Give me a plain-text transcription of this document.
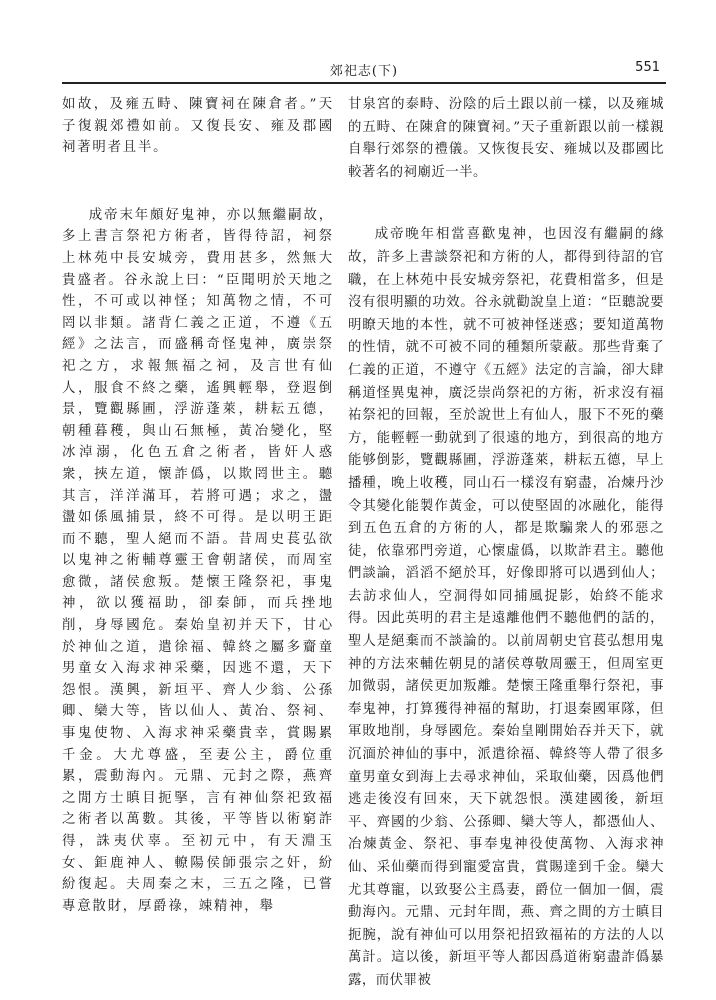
郊祀志(下)	551

如故，及雍五畤、陳寶祠在陳倉者。”天子復親郊禮如前。又復長安、雍及郡國祠著明者且半。

成帝末年頗好鬼神，亦以無繼嗣故，多上書言祭祀方術者，皆得待詔，祠祭上林苑中長安城旁，費用甚多，然無大貴盛者。谷永說上曰：“臣聞明於天地之性，不可或以神怪；知萬物之情，不可罔以非類。諸背仁義之正道，不遵《五經》之法言，而盛稱奇怪鬼神，廣崇祭祀之方，求報無福之祠，及言世有仙人，服食不終之藥，遙興輕舉，登遐倒景，覽觀縣圃，浮游蓬萊，耕耘五德，朝種暮穫，與山石無極，黃冶變化，堅冰淖溺，化色五倉之術者，皆奸人惑衆，挾左道，懷詐僞，以欺罔世主。聽其言，洋洋滿耳，若將可遇；求之，盪盪如係風捕景，終不可得。是以明王距而不聽，聖人絕而不語。昔周史萇弘欲以鬼神之術輔尊靈王會朝諸侯，而周室愈微，諸侯愈叛。楚懷王隆祭祀，事鬼神，欲以獲福助，卻秦師，而兵挫地削，身辱國危。秦始皇初并天下，甘心於神仙之道，遣徐福、韓終之屬多齎童男童女入海求神采藥，因逃不還，天下怨恨。漢興，新垣平、齊人少翁、公孫卿、欒大等，皆以仙人、黃冶、祭祠、事鬼使物、入海求神采藥貴幸，賞賜累千金。大尤尊盛，至妻公主，爵位重累，震動海內。元鼎、元封之際，燕齊之閒方士瞋目扼掔，言有神仙祭祀致福之術者以萬數。其後，平等皆以術窮詐得，誅夷伏辜。至初元中，有天淵玉女、鉅鹿神人、轑陽侯師張宗之奸，紛紛復起。夫周秦之末，三五之隆，已嘗專意散財，厚爵祿，竦精神，舉

甘泉宮的泰畤、汾陰的后土跟以前一樣，以及雍城的五畤、在陳倉的陳寶祠。”天子重新跟以前一樣親自舉行郊祭的禮儀。又恢復長安、雍城以及郡國比較著名的祠廟近一半。

成帝晚年相當喜歡鬼神，也因沒有繼嗣的緣故，許多上書談祭祀和方術的人，都得到待詔的官職，在上林苑中長安城旁祭祀，花費相當多，但是沒有很明顯的功效。谷永就勸說皇上道：“臣聽說要明瞭天地的本性，就不可被神怪迷惑；要知道萬物的性情，就不可被不同的種類所蒙蔽。那些背棄了仁義的正道，不遵守《五經》法定的言論，卻大肆稱道怪異鬼神，廣泛崇尚祭祀的方術，祈求沒有福祐祭祀的回報，至於說世上有仙人，服下不死的藥方，能輕輕一動就到了很遠的地方，到很高的地方能够倒影，覽觀縣圃，浮游蓬萊，耕耘五德，早上播種，晚上收穫，同山石一樣沒有窮盡，冶煉丹沙令其變化能製作黃金，可以使堅固的冰融化，能得到五色五倉的方術的人，都是欺騙衆人的邪惡之徒，依靠邪門旁道，心懷虛僞，以欺詐君主。聽他們談論，滔滔不絕於耳，好像即將可以遇到仙人；去訪求仙人，空洞得如同捕風捉影，始終不能求得。因此英明的君主是遠離他們不聽他們的話的，聖人是絕棄而不談論的。以前周朝史官萇弘想用鬼神的方法來輔佐朝見的諸侯尊敬周靈王，但周室更加微弱，諸侯更加叛離。楚懷王隆重舉行祭祀，事奉鬼神，打算獲得神福的幫助，打退秦國軍隊，但軍敗地削，身辱國危。秦始皇剛開始吞并天下，就沉湎於神仙的事中，派遣徐福、韓終等人帶了很多童男童女到海上去尋求神仙，采取仙藥，因爲他們逃走後沒有回來，天下就怨恨。漢建國後，新垣平、齊國的少翁、公孫卿、欒大等人，都憑仙人、冶煉黃金、祭祀、事奉鬼神役使萬物、入海求神仙、采仙藥而得到寵愛富貴，賞賜達到千金。欒大尤其尊寵，以致娶公主爲妻，爵位一個加一個，震動海內。元鼎、元封年間，燕、齊之間的方士瞋目扼腕，說有神仙可以用祭祀招致福祐的方法的人以萬計。這以後，新垣平等人都因爲道術窮盡詐僞暴露，而伏罪被
